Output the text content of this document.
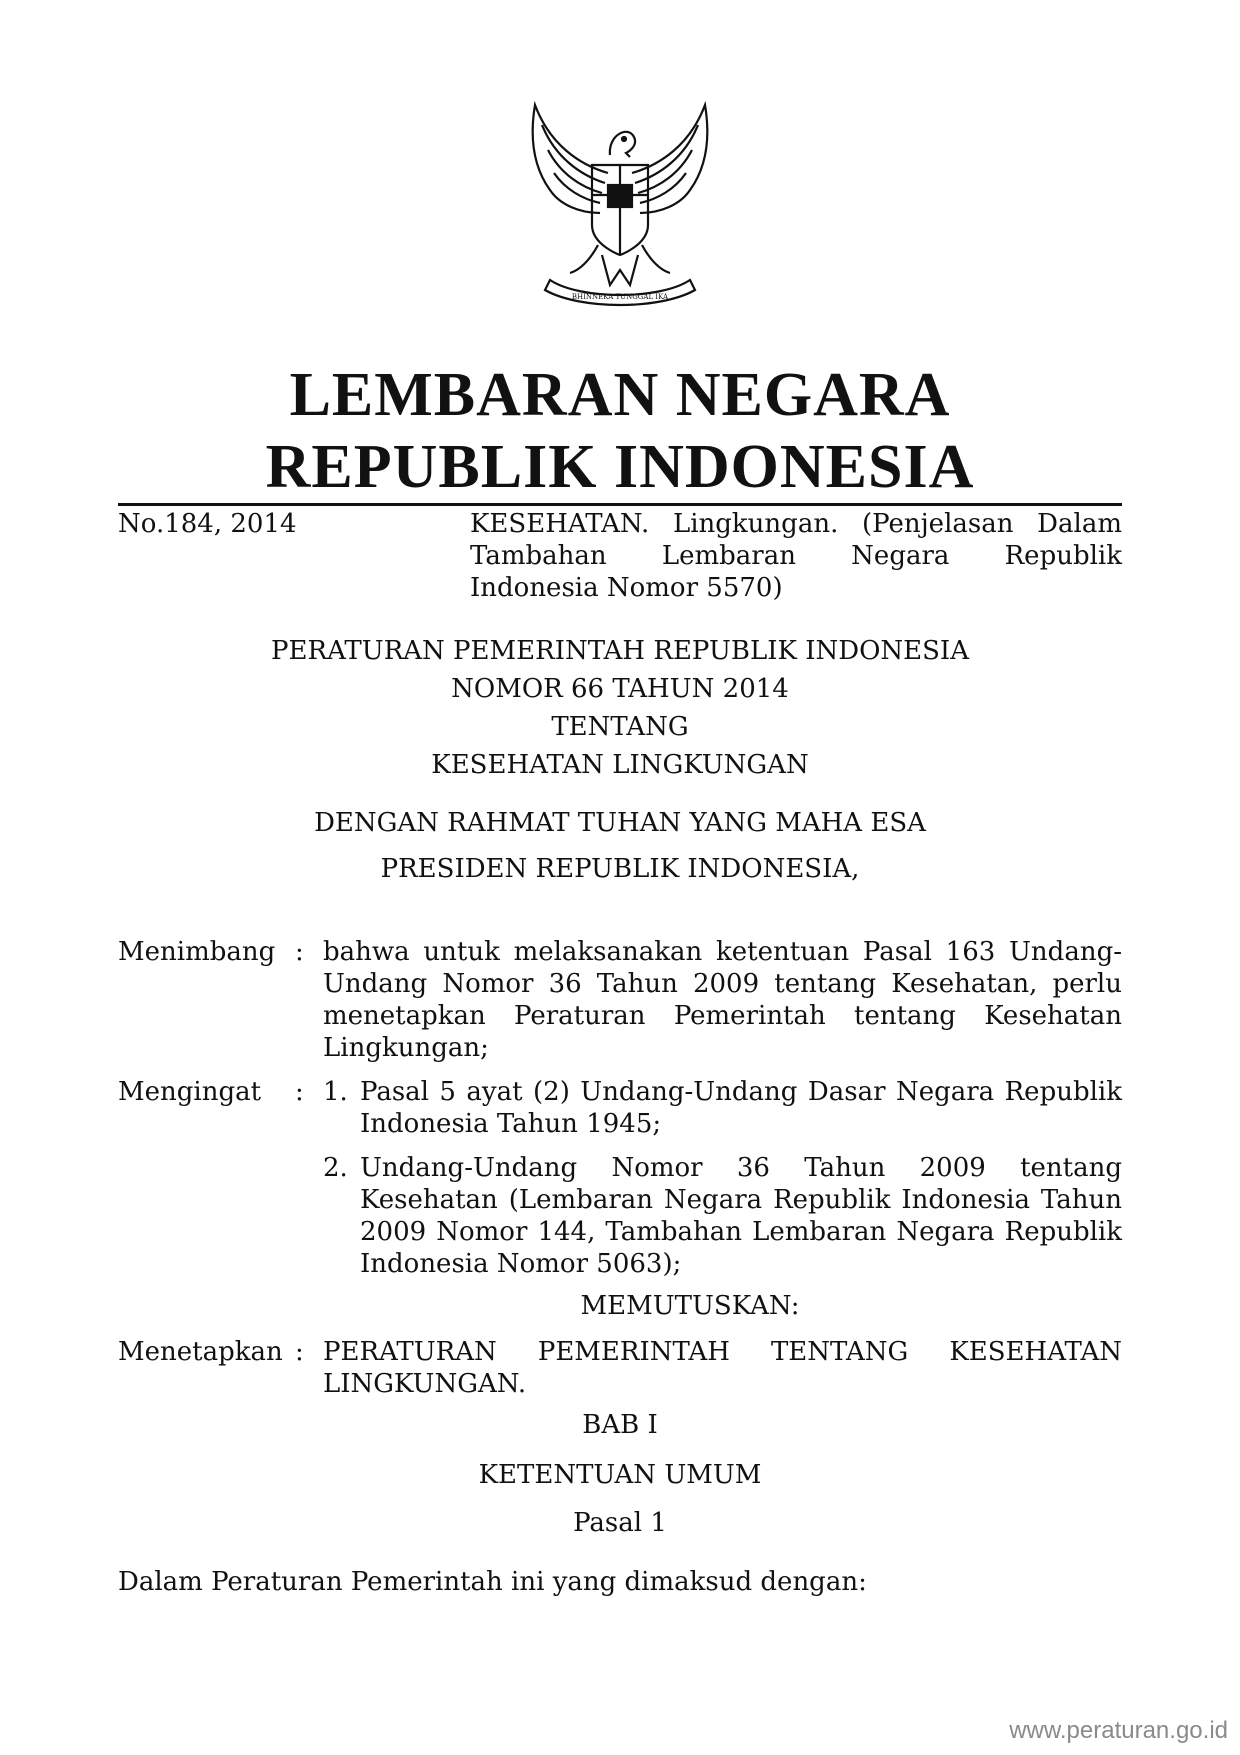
BHINNEKA TUNGGAL IKA
LEMBARAN NEGARA
REPUBLIK INDONESIA
No.184, 2014	KESEHATAN. Lingkungan. (Penjelasan Dalam
Tambahan Lembaran Negara Republik
Indonesia Nomor 5570)
PERATURAN PEMERINTAH REPUBLIK INDONESIA
NOMOR 66 TAHUN 2014
TENTANG
KESEHATAN LINGKUNGAN
DENGAN RAHMAT TUHAN YANG MAHA ESA
PRESIDEN REPUBLIK INDONESIA,
Menimbang : bahwa untuk melaksanakan ketentuan Pasal 163 Undang-
Undang Nomor 36 Tahun 2009 tentang Kesehatan, perlu
menetapkan Peraturan Pemerintah tentang Kesehatan
Lingkungan;
Mengingat : 1. Pasal 5 ayat (2) Undang-Undang Dasar Negara Republik
Indonesia Tahun 1945;
2. Undang-Undang Nomor 36 Tahun 2009 tentang
Kesehatan (Lembaran Negara Republik Indonesia Tahun
2009 Nomor 144, Tambahan Lembaran Negara Republik
Indonesia Nomor 5063);
MEMUTUSKAN:
Menetapkan : PERATURAN PEMERINTAH TENTANG KESEHATAN
LINGKUNGAN.
BAB I
KETENTUAN UMUM
Pasal 1
Dalam Peraturan Pemerintah ini yang dimaksud dengan:
www.peraturan.go.id
